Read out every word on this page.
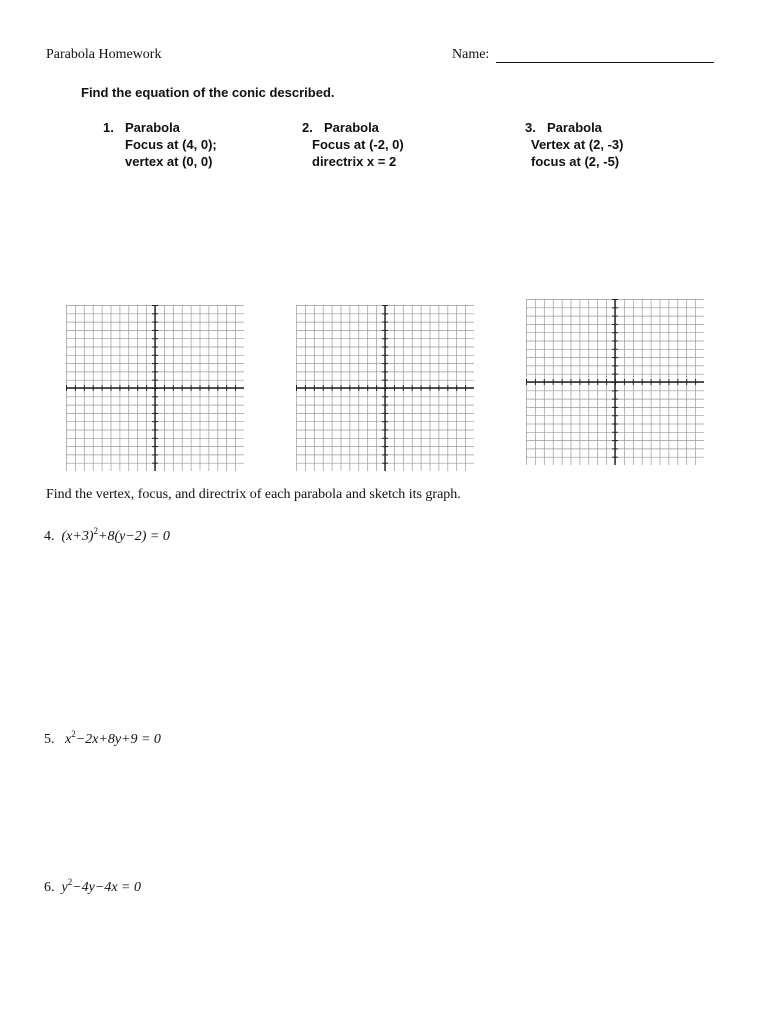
Parabola Homework	Name:
Find the equation of the conic described.
1. Parabola
Focus at (4, 0);
vertex at (0, 0)
2. Parabola
Focus at (-2, 0)
directrix x = 2
3. Parabola
Vertex at (2, -3)
focus at (2, -5)
Find the vertex, focus, and directrix of each parabola and sketch its graph.
4. $(x+3)^2+8(y-2) = 0$
5. $x^2-2x+8y+9 = 0$
6. $y^2-4y-4x = 0$
